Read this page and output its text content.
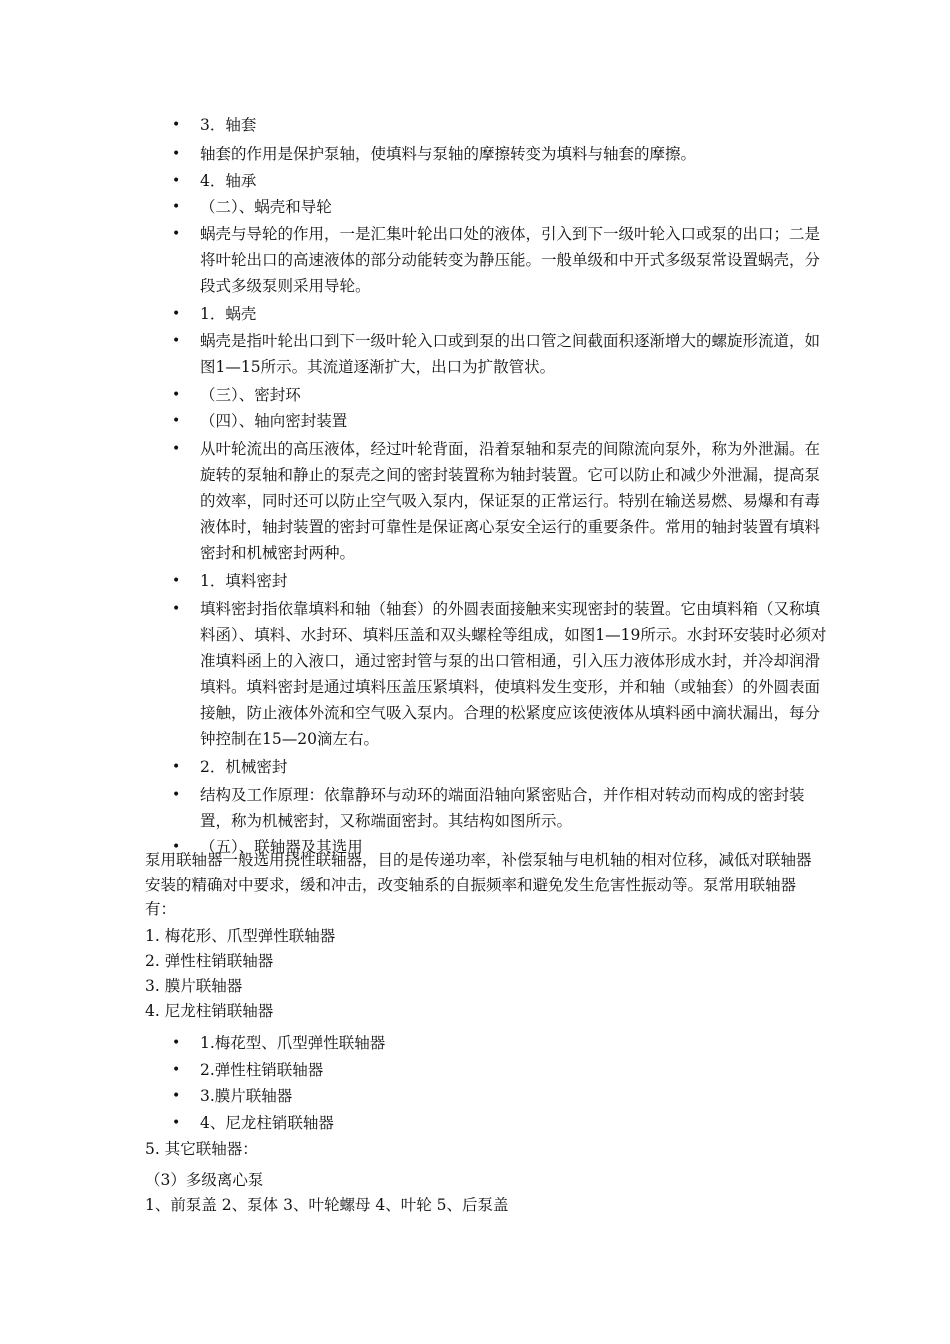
• 3．轴套
• 轴套的作用是保护泵轴，使填料与泵轴的摩擦转变为填料与轴套的摩擦。
• 4．轴承
• （二）、蜗壳和导轮
• 蜗壳与导轮的作用，一是汇集叶轮出口处的液体，引入到下一级叶轮入口或泵的出口；二是将叶轮出口的高速液体的部分动能转变为静压能。一般单级和中开式多级泵常设置蜗壳，分段式多级泵则采用导轮。
• 1．蜗壳
• 蜗壳是指叶轮出口到下一级叶轮入口或到泵的出口管之间截面积逐渐增大的螺旋形流道，如图1—15所示。其流道逐渐扩大，出口为扩散管状。
• （三）、密封环
• （四）、轴向密封装置
• 从叶轮流出的高压液体，经过叶轮背面，沿着泵轴和泵壳的间隙流向泵外，称为外泄漏。在旋转的泵轴和静止的泵壳之间的密封装置称为轴封装置。它可以防止和减少外泄漏，提高泵的效率，同时还可以防止空气吸入泵内，保证泵的正常运行。特别在输送易燃、易爆和有毒液体时，轴封装置的密封可靠性是保证离心泵安全运行的重要条件。常用的轴封装置有填料密封和机械密封两种。
• 1．填料密封
• 填料密封指依靠填料和轴（轴套）的外圆表面接触来实现密封的装置。它由填料箱（又称填料函）、填料、水封环、填料压盖和双头螺栓等组成，如图1—19所示。水封环安装时必须对准填料函上的入液口，通过密封管与泵的出口管相通，引入压力液体形成水封，并冷却润滑填料。填料密封是通过填料压盖压紧填料，使填料发生变形，并和轴（或轴套）的外圆表面接触，防止液体外流和空气吸入泵内。合理的松紧度应该使液体从填料函中滴状漏出，每分钟控制在15—20滴左右。
• 2．机械密封
• 结构及工作原理：依靠静环与动环的端面沿轴向紧密贴合，并作相对转动而构成的密封装置，称为机械密封，又称端面密封。其结构如图所示。
• （五）、联轴器及其选用

泵用联轴器一般选用挠性联轴器，目的是传递功率，补偿泵轴与电机轴的相对位移，减低对联轴器安装的精确对中要求，缓和冲击，改变轴系的自振频率和避免发生危害性振动等。泵常用联轴器有：

1. 梅花形、爪型弹性联轴器
2. 弹性柱销联轴器
3. 膜片联轴器
4. 尼龙柱销联轴器
• 1.梅花型、爪型弹性联轴器
• 2.弹性柱销联轴器
• 3.膜片联轴器
• 4、尼龙柱销联轴器
5. 其它联轴器：
（3）多级离心泵
1、前泵盖 2、泵体 3、叶轮螺母 4、叶轮 5、后泵盖
